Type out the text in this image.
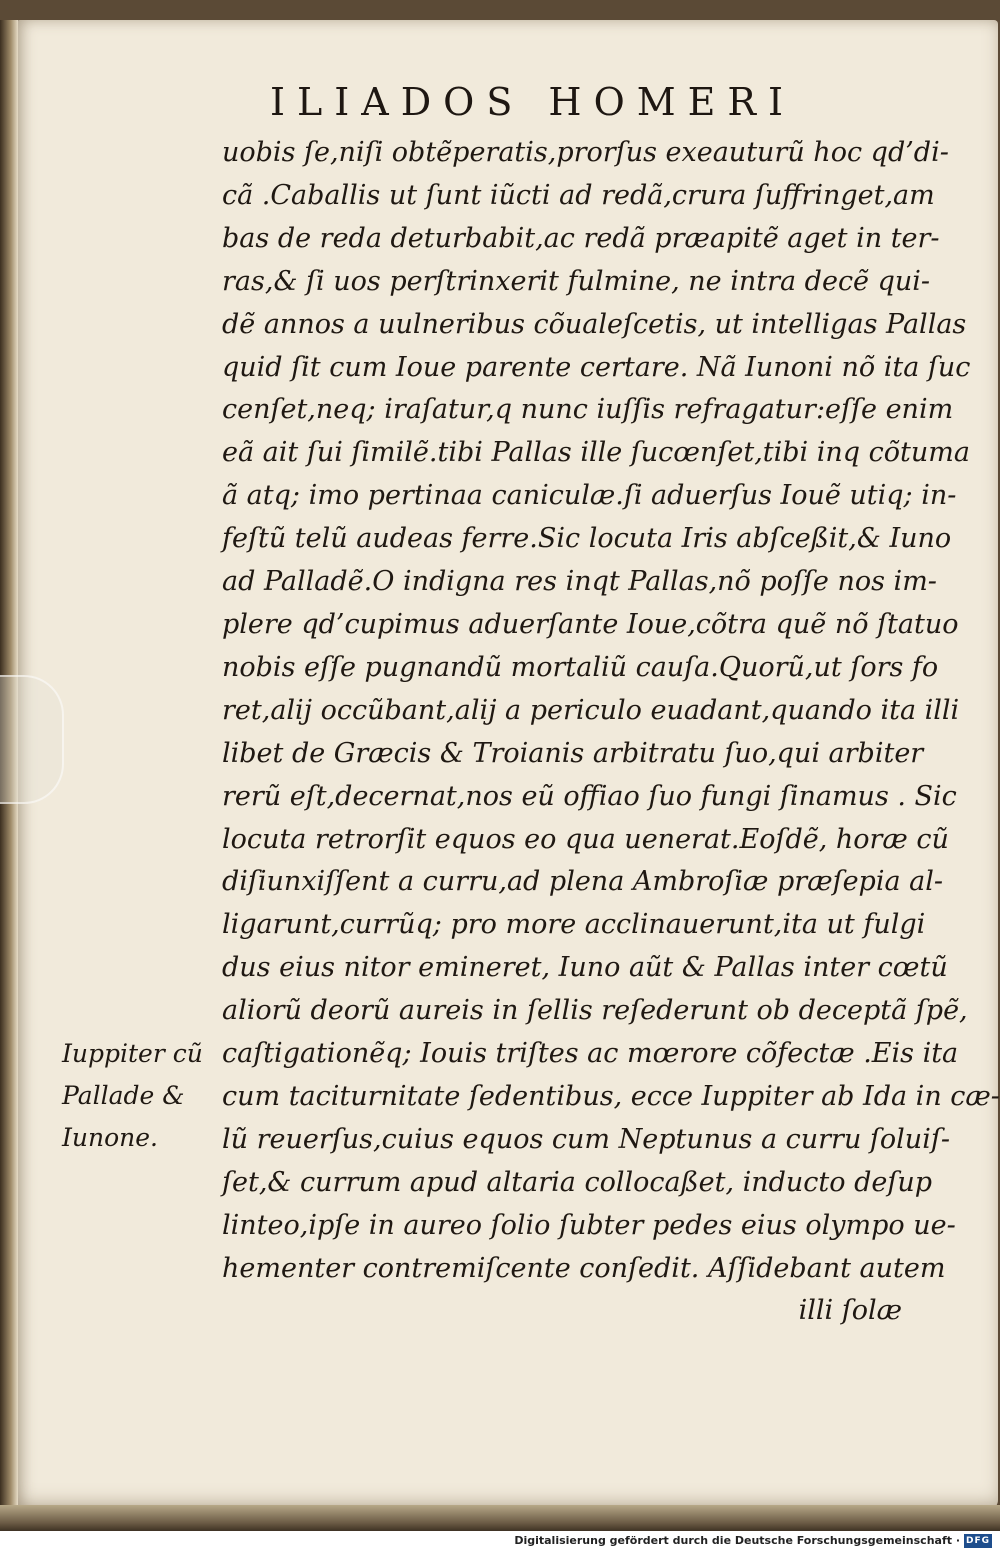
ILIADOS HOMERI
uobis ſe,niſi obtẽperatis,prorſus exeauturũ hoc qd’di-
cã .Caballis ut ſunt iũcti ad redã,crura ſuffringet,am
bas de reda deturbabit,ac redã præapitẽ aget in ter-
ras,& ſi uos perſtrinxerit fulmine, ne intra decẽ qui-
dẽ annos a uulneribus cõualeſcetis, ut intelligas Pallas
quid ſit cum Ioue parente certare. Nã Iunoni nõ ita ſuc
cenſet,neq; iraſatur,q nunc iuſſis refragatur:eſſe enim
eã ait ſui ſimilẽ.tibi Pallas ille ſucœnſet,tibi inq cõtuma
ã atq; imo pertinaa caniculæ.ſi aduerſus Iouẽ utiq; in-
feſtũ telũ audeas ferre.Sic locuta Iris abſceßit,& Iuno
ad Palladẽ.O indigna res inqt Pallas,nõ poſſe nos im-
plere qd’cupimus aduerſante Ioue,cõtra quẽ nõ ſtatuo
nobis eſſe pugnandũ mortaliũ cauſa.Quorũ,ut ſors fo
ret,alij occũbant,alij a periculo euadant,quando ita illi
libet de Græcis & Troianis arbitratu ſuo,qui arbiter
rerũ eſt,decernat,nos eũ offiao ſuo fungi ſinamus . Sic
locuta retrorſit equos eo qua uenerat.Eoſdẽ, horæ cũ
diſiunxiſſent a curru,ad plena Ambroſiæ præſepia al-
ligarunt,currũq; pro more acclinauerunt,ita ut fulgi
dus eius nitor emineret, Iuno aũt & Pallas inter cœtũ
aliorũ deorũ aureis in ſellis reſederunt ob deceptã ſpẽ,
caſtigationẽq; Iouis triſtes ac mœrore cõfectæ .Eis ita
cum taciturnitate ſedentibus, ecce Iuppiter ab Ida in cæ-
lũ reuerſus,cuius equos cum Neptunus a curru ſoluiſ-
ſet,& currum apud altaria collocaßet, inducto deſup
linteo,ipſe in aureo ſolio ſubter pedes eius olympo ue-
hementer contremiſcente conſedit. Aſſidebant autem
illi ſolæ
Iuppiter cũ
Pallade &
Iunone.
Digitalisierung gefördert durch die Deutsche Forschungsgemeinschaft · DFG
